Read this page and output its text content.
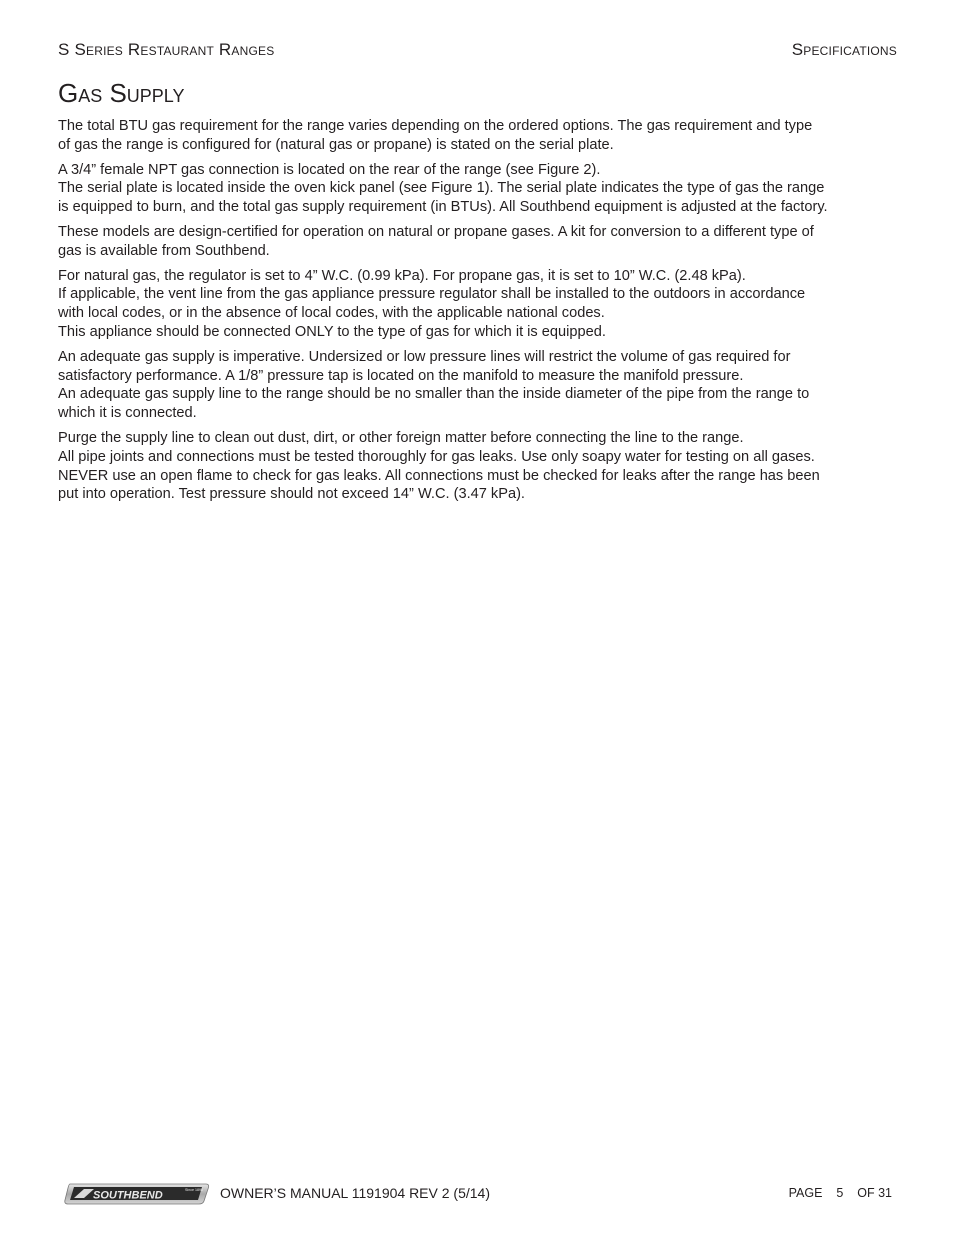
S Series Restaurant Ranges	Specifications
Gas Supply

The total BTU gas requirement for the range varies depending on the ordered options. The gas requirement and type of gas the range is configured for (natural gas or propane) is stated on the serial plate.

A 3/4” female NPT gas connection is located on the rear of the range (see Figure 2).
The serial plate is located inside the oven kick panel (see Figure 1). The serial plate indicates the type of gas the range is equipped to burn, and the total gas supply requirement (in BTUs). All Southbend equipment is adjusted at the factory.

These models are design-certified for operation on natural or propane gases. A kit for conversion to a different type of gas is available from Southbend.

For natural gas, the regulator is set to 4” W.C. (0.99 kPa). For propane gas, it is set to 10” W.C. (2.48 kPa).
If applicable, the vent line from the gas appliance pressure regulator shall be installed to the outdoors in accordance with local codes, or in the absence of local codes, with the applicable national codes.
This appliance should be connected ONLY to the type of gas for which it is equipped.

An adequate gas supply is imperative. Undersized or low pressure lines will restrict the volume of gas required for satisfactory performance. A 1/8” pressure tap is located on the manifold to measure the manifold pressure.
An adequate gas supply line to the range should be no smaller than the inside diameter of the pipe from the range to which it is connected.

Purge the supply line to clean out dust, dirt, or other foreign matter before connecting the line to the range.
All pipe joints and connections must be tested thoroughly for gas leaks. Use only soapy water for testing on all gases. NEVER use an open flame to check for gas leaks. All connections must be checked for leaks after the range has been put into operation. Test pressure should not exceed 14” W.C. (3.47 kPa).

SOUTHBEND	Since 1898 OWNER’S MANUAL 1191904 REV 2 (5/14)	PAGE 5 OF 31
